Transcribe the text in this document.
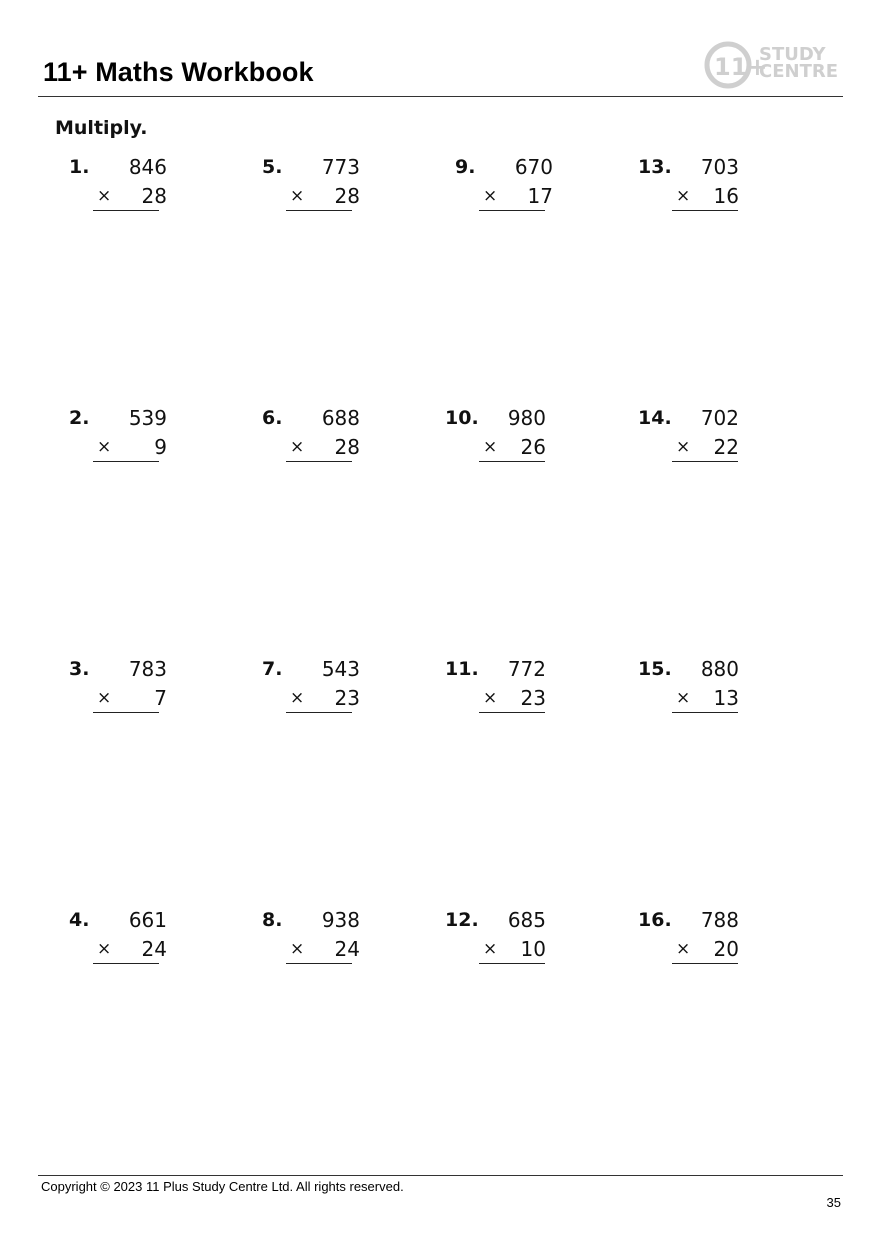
11+ Maths Workbook	11+
STUDY
CENTRE
Multiply.
1. 846
× 28
2. 539
× 9
3. 783
× 7
4. 661
× 24
5. 773
× 28
6. 688
× 28
7. 543
× 23
8. 938
× 24
9. 670
× 17
10. 980
× 26
11. 772
× 23
12. 685
× 10
13. 703
× 16
14. 702
× 22
15. 880
× 13
16. 788
× 20
Copyright © 2023 11 Plus Study Centre Ltd. All rights reserved.
35
